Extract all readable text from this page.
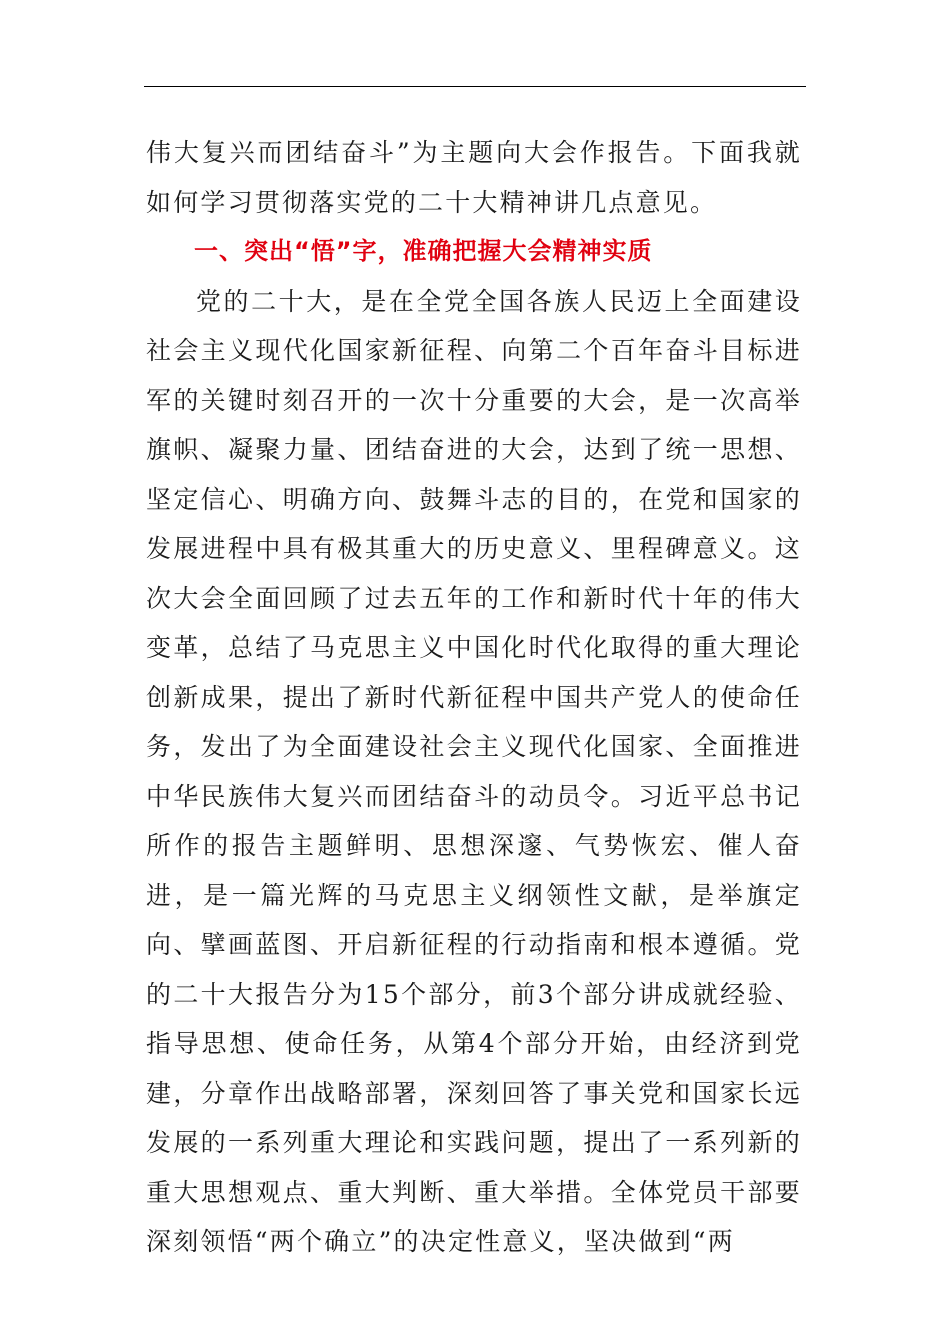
伟大复兴而团结奋斗”为主题向大会作报告。下面我就如何学习贯彻落实党的二十大精神讲几点意见。

一、突出“悟”字，准确把握大会精神实质

党的二十大，是在全党全国各族人民迈上全面建设社会主义现代化国家新征程、向第二个百年奋斗目标进军的关键时刻召开的一次十分重要的大会，是一次高举旗帜、凝聚力量、团结奋进的大会，达到了统一思想、坚定信心、明确方向、鼓舞斗志的目的，在党和国家的发展进程中具有极其重大的历史意义、里程碑意义。这次大会全面回顾了过去五年的工作和新时代十年的伟大变革，总结了马克思主义中国化时代化取得的重大理论创新成果，提出了新时代新征程中国共产党人的使命任务，发出了为全面建设社会主义现代化国家、全面推进中华民族伟大复兴而团结奋斗的动员令。习近平总书记所作的报告主题鲜明、思想深邃、气势恢宏、催人奋进，是一篇光辉的马克思主义纲领性文献，是举旗定向、擘画蓝图、开启新征程的行动指南和根本遵循。党的二十大报告分为15个部分，前3个部分讲成就经验、指导思想、使命任务，从第4个部分开始，由经济到党建，分章作出战略部署，深刻回答了事关党和国家长远发展的一系列重大理论和实践问题，提出了一系列新的重大思想观点、重大判断、重大举措。全体党员干部要深刻领悟“两个确立”的决定性意义，坚决做到“两
